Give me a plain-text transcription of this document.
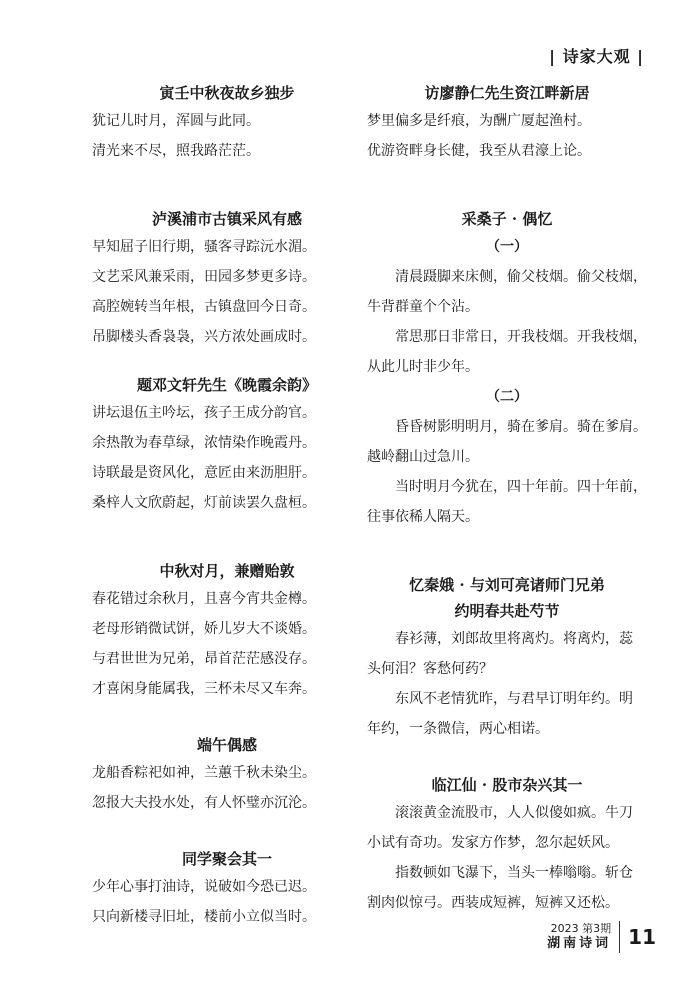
| 诗家大观 |
寅壬中秋夜故乡独步
犹记儿时月，浑圆与此同。
清光来不尽，照我路茫茫。
泸溪浦市古镇采风有感
早知屈子旧行期，骚客寻踪沅水湄。
文艺采风兼采雨，田园多梦更多诗。
高腔婉转当年根，古镇盘回今日奇。
吊脚楼头香袅袅，兴方浓处画成时。
题邓文轩先生《晚霞余韵》
讲坛退伍主吟坛，孩子王成分韵官。
余热散为春草绿，浓情染作晚霞丹。
诗联最是资风化，意匠由来沥胆肝。
桑梓人文欣蔚起，灯前读罢久盘桓。
中秋对月，兼赠贻敦
春花错过余秋月，且喜今宵共金樽。
老母形销微试饼，娇儿岁大不谈婚。
与君世世为兄弟，昂首茫茫感没存。
才喜闲身能属我，三杯未尽又车奔。
端午偶感
龙船香粽祀如神，兰蕙千秋未染尘。
忽报大夫投水处，有人怀璧亦沉沦。
同学聚会其一
少年心事打油诗，说破如今恐已迟。
只向新楼寻旧址，楼前小立似当时。
访廖静仁先生资江畔新居
梦里偏多是纤痕，为酬广厦起渔村。
优游资畔身长健，我至从君濠上论。
采桑子 · 偶忆
（一）
清晨蹑脚来床侧，偷父枝烟。偷父枝烟，
牛背群童个个沾。
常思那日非常日，开我枝烟。开我枝烟，
从此儿时非少年。
（二）
昏昏树影明明月，骑在爹肩。骑在爹肩。
越岭翻山过急川。
当时明月今犹在，四十年前。四十年前，
往事依稀人隔天。
忆秦娥 · 与刘可亮诸师门兄弟
约明春共赴芍节
春衫薄，刘郎故里将离灼。将离灼，蕊
头何泪？客愁何药？
东风不老情犹昨，与君早订明年约。明
年约，一条微信，两心相诺。
临江仙 · 股市杂兴其一
滚滚黄金流股市，人人似傻如疯。牛刀
小试有奇功。发家方作梦，忽尔起妖风。
指数顿如飞瀑下，当头一棒嗡嗡。斩仓
割肉似惊弓。西装成短裤，短裤又还松。
2023 第3期
湖南诗词 11
